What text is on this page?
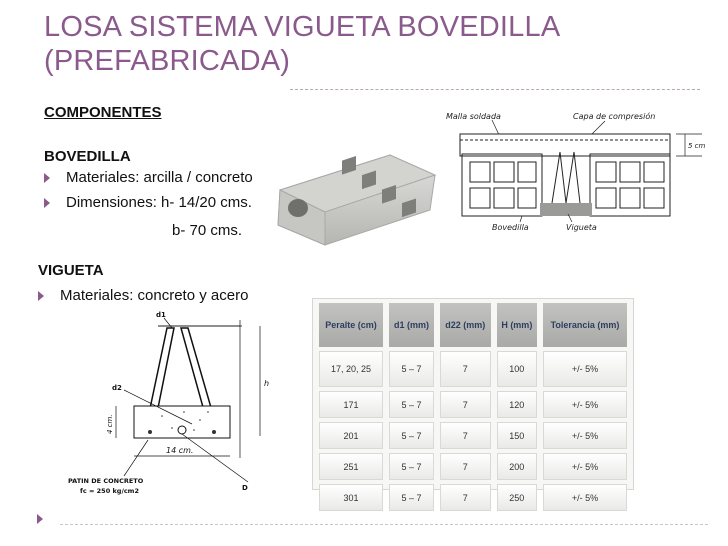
LOSA SISTEMA VIGUETA BOVEDILLA
(PREFABRICADA)
COMPONENTES
BOVEDILLA
Materiales: arcilla / concreto
Dimensiones: h- 14/20 cms.
b- 70 cms.
VIGUETA
Materiales: concreto y acero
Malla soldada	Capa de compresión
5 cm
Bovedilla	Vigueta
d1
h
d2
4 cm.
14 cm.
D
PATIN DE CONCRETO
fc = 250 kg/cm2
Peralte (cm)	d1 (mm)	d22 (mm)	H (mm)	Tolerancia (mm)
17, 20, 25	5 – 7	7	100	+/- 5%
171	5 – 7	7	120	+/- 5%
201	5 – 7	7	150	+/- 5%
251	5 – 7	7	200	+/- 5%
301	5 – 7	7	250	+/- 5%
